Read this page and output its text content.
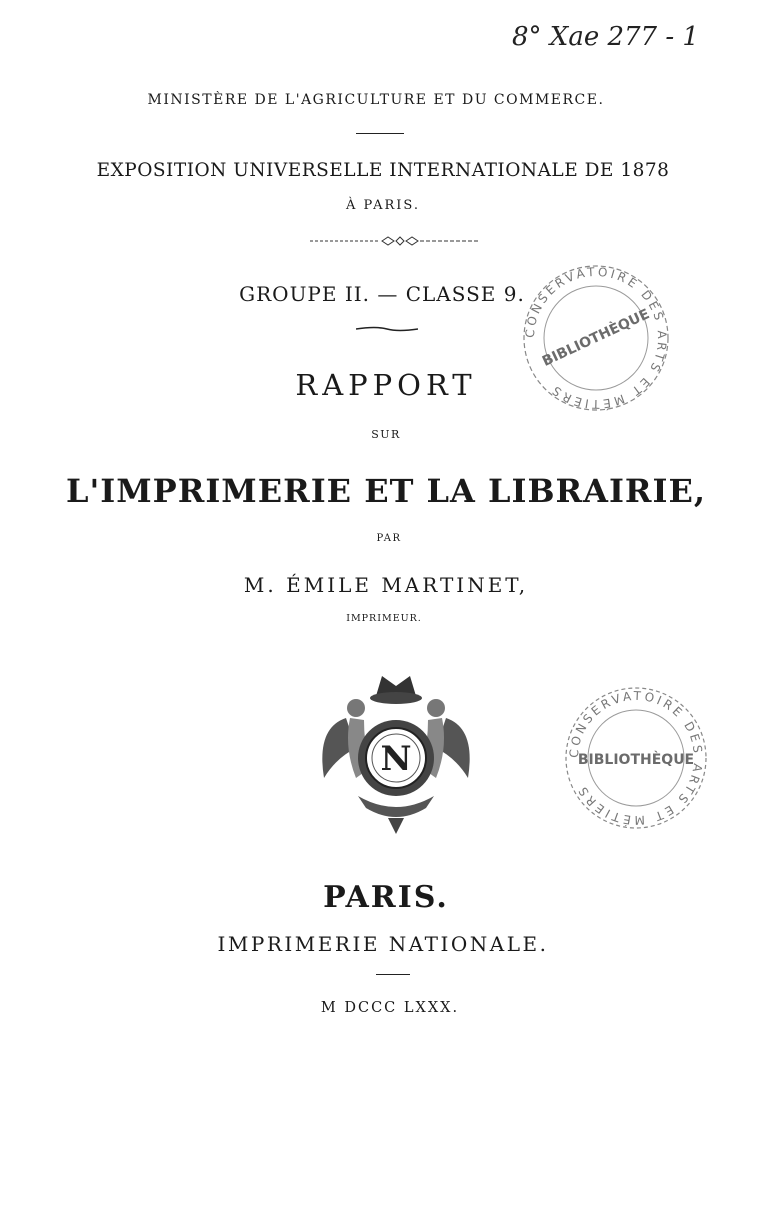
8° Xae 277 - 1
MINISTÈRE DE L'AGRICULTURE ET DU COMMERCE.
EXPOSITION UNIVERSELLE INTERNATIONALE DE 1878
À PARIS.
GROUPE II. — CLASSE 9.
RAPPORT
SUR
L'IMPRIMERIE ET LA LIBRAIRIE,
PAR
M. ÉMILE MARTINET,
IMPRIMEUR.
N
CONSERVATOIRE DES ARTS ET MÉTIERS
BIBLIOTHÈQUE
CONSERVATOIRE DES ARTS ET MÉTIERS
BIBLIOTHÈQUE
PARIS.
IMPRIMERIE NATIONALE.
M DCCC LXXX.
